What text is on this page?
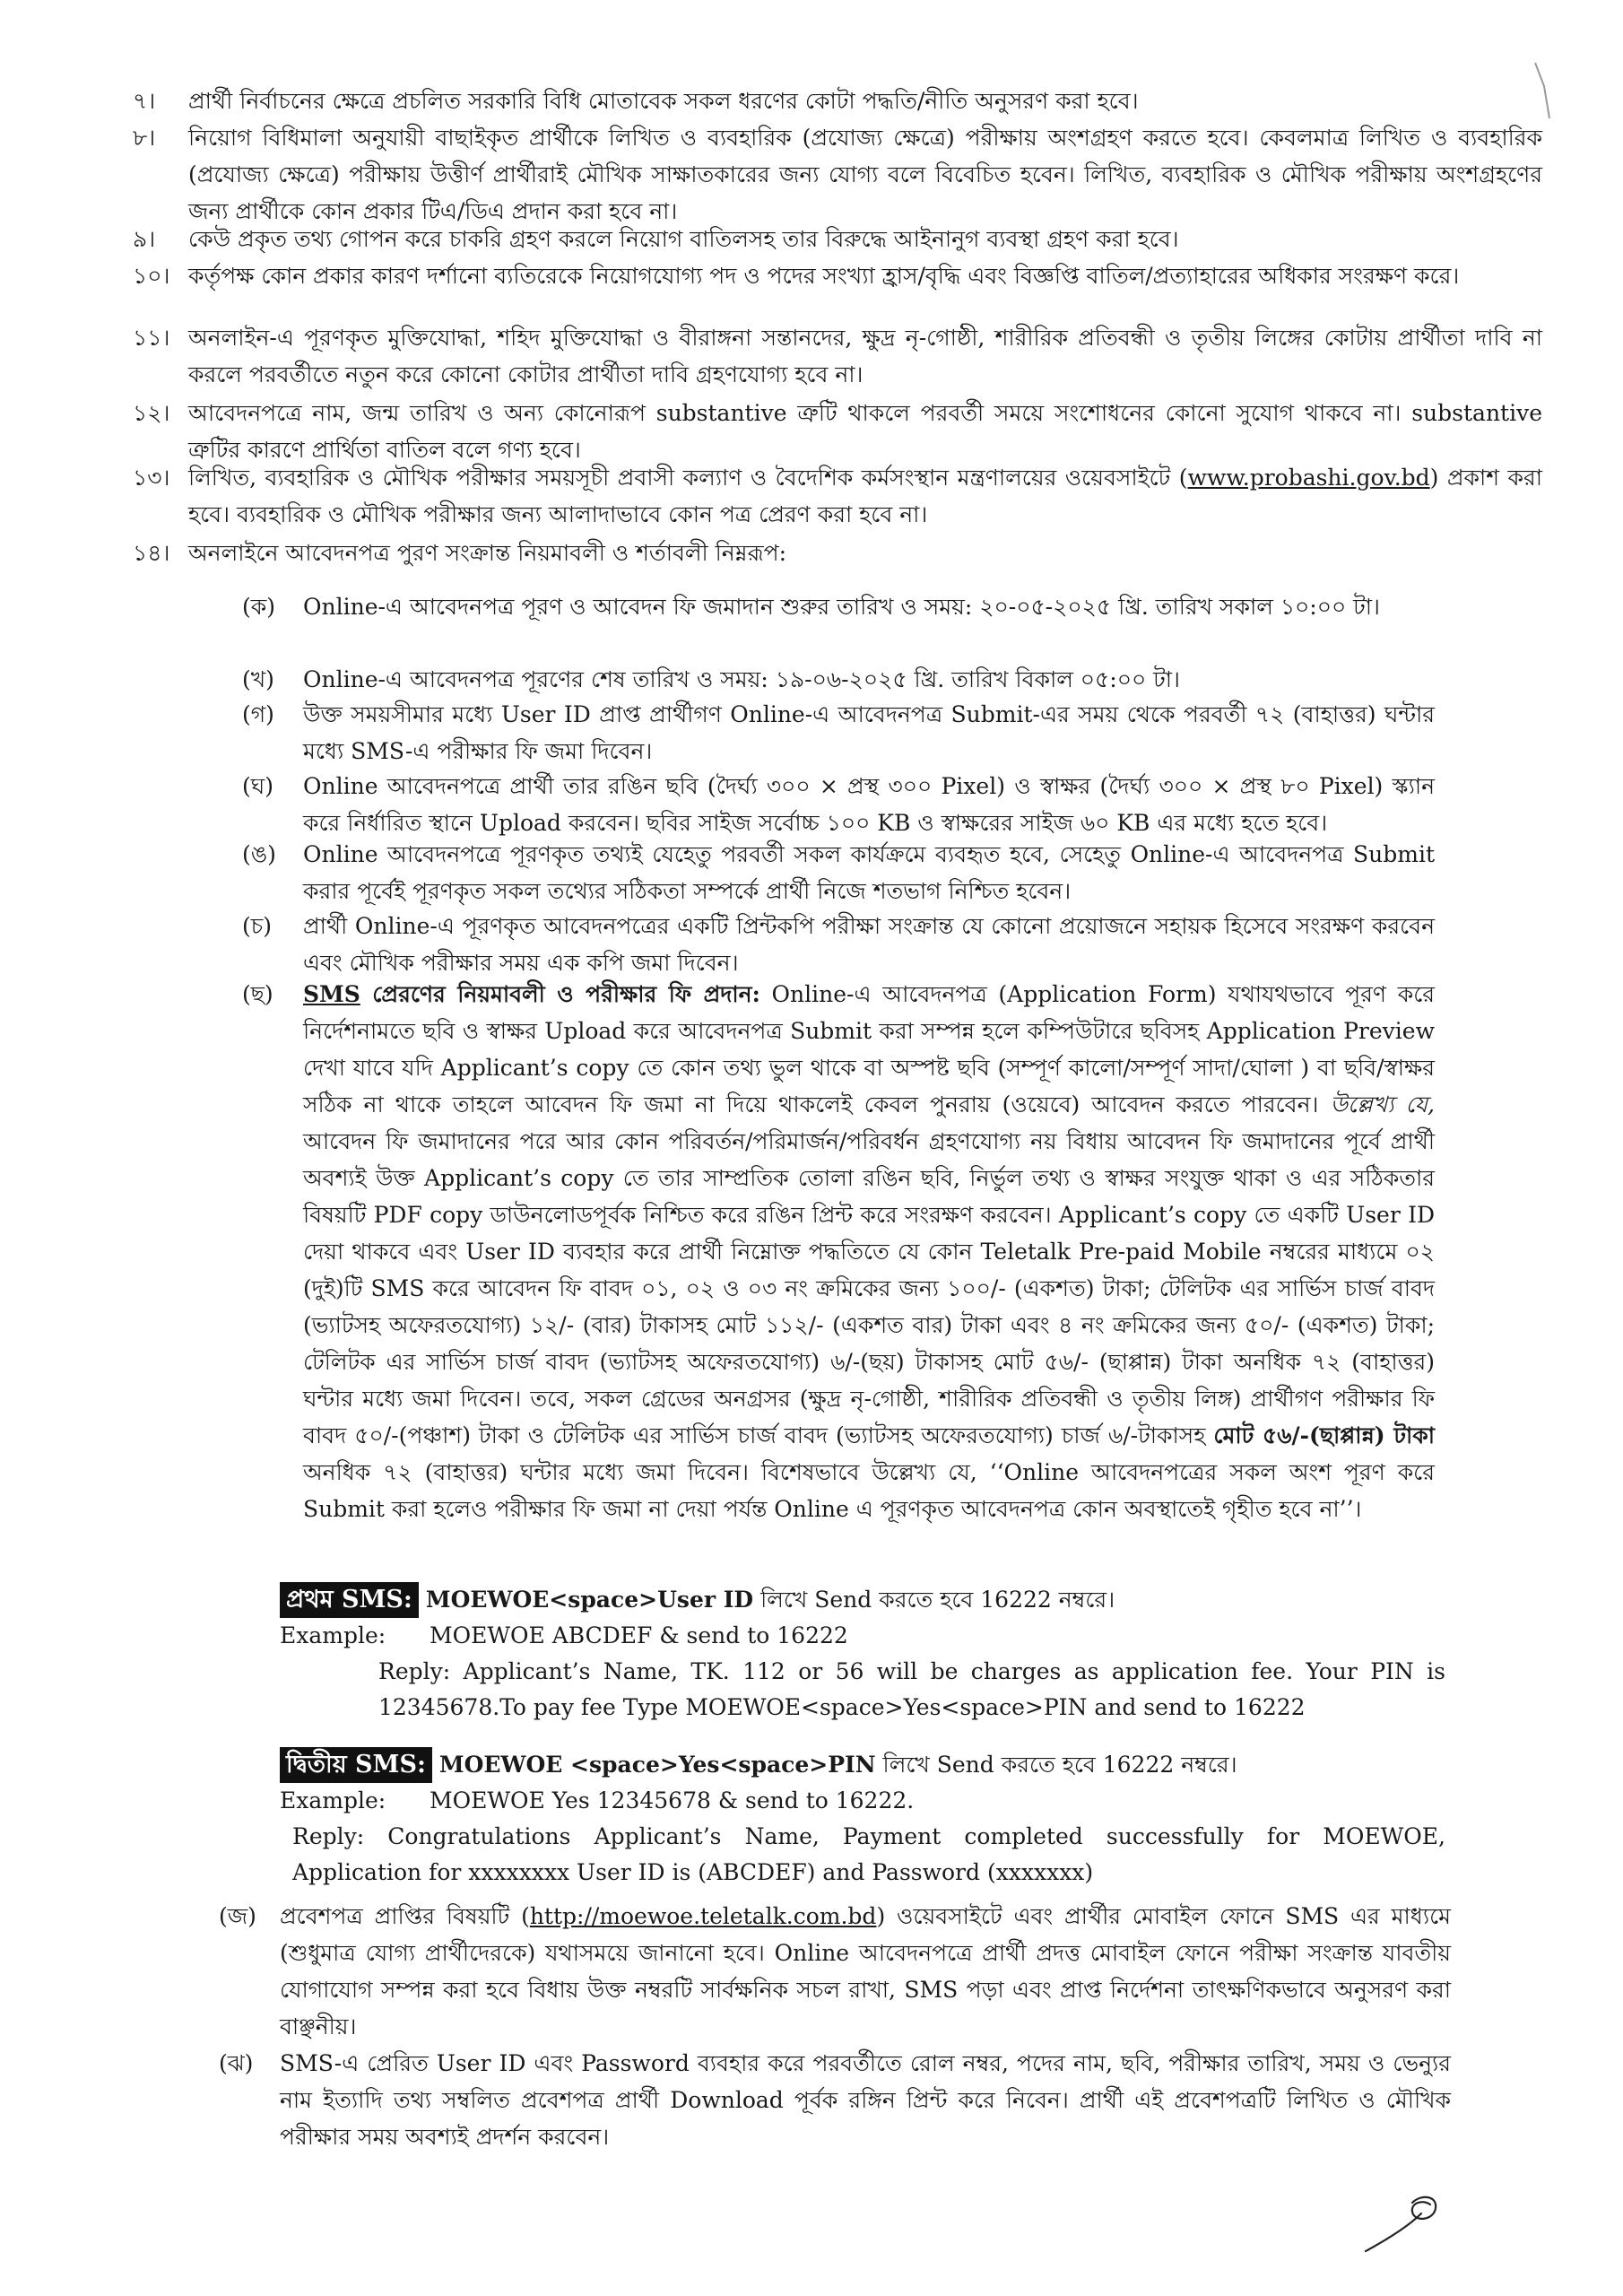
৭।	প্রার্থী নির্বাচনের ক্ষেত্রে প্রচলিত সরকারি বিধি মোতাবেক সকল ধরণের কোটা পদ্ধতি/নীতি অনুসরণ করা হবে।
৮।	নিয়োগ বিধিমালা অনুযায়ী বাছাইকৃত প্রার্থীকে লিখিত ও ব্যবহারিক (প্রযোজ্য ক্ষেত্রে) পরীক্ষায় অংশগ্রহণ করতে হবে। কেবলমাত্র লিখিত ও ব্যবহারিক (প্রযোজ্য ক্ষেত্রে) পরীক্ষায় উত্তীর্ণ প্রার্থীরাই মৌখিক সাক্ষাতকারের জন্য যোগ্য বলে বিবেচিত হবেন। লিখিত, ব্যবহারিক ও মৌখিক পরীক্ষায় অংশগ্রহণের জন্য প্রার্থীকে কোন প্রকার টিএ/ডিএ প্রদান করা হবে না।
৯।	কেউ প্রকৃত তথ্য গোপন করে চাকরি গ্রহণ করলে নিয়োগ বাতিলসহ তার বিরুদ্ধে আইনানুগ ব্যবস্থা গ্রহণ করা হবে।
১০। কর্তৃপক্ষ কোন প্রকার কারণ দর্শানো ব্যতিরেকে নিয়োগযোগ্য পদ ও পদের সংখ্যা হ্রাস/বৃদ্ধি এবং বিজ্ঞপ্তি বাতিল/প্রত্যাহারের অধিকার সংরক্ষণ করে।
১১। অনলাইন-এ পূরণকৃত মুক্তিযোদ্ধা, শহিদ মুক্তিযোদ্ধা ও বীরাঙ্গনা সন্তানদের, ক্ষুদ্র নৃ-গোষ্ঠী, শারীরিক প্রতিবন্ধী ও তৃতীয় লিঙ্গের কোটায় প্রার্থীতা দাবি না করলে পরবর্তীতে নতুন করে কোনো কোটার প্রার্থীতা দাবি গ্রহণযোগ্য হবে না।
১২। আবেদনপত্রে নাম, জন্ম তারিখ ও অন্য কোনোরূপ substantive ত্রুটি থাকলে পরবর্তী সময়ে সংশোধনের কোনো সুযোগ থাকবে না। substantive ত্রুটির কারণে প্রার্থিতা বাতিল বলে গণ্য হবে।
১৩। লিখিত, ব্যবহারিক ও মৌখিক পরীক্ষার সময়সূচী প্রবাসী কল্যাণ ও বৈদেশিক কর্মসংস্থান মন্ত্রণালয়ের ওয়েবসাইটে (www.probashi.gov.bd) প্রকাশ করা হবে। ব্যবহারিক ও মৌখিক পরীক্ষার জন্য আলাদাভাবে কোন পত্র প্রেরণ করা হবে না।
১৪। অনলাইনে আবেদনপত্র পুরণ সংক্রান্ত নিয়মাবলী ও শর্তাবলী নিম্নরূপ:
(ক)	Online-এ আবেদনপত্র পূরণ ও আবেদন ফি জমাদান শুরুর তারিখ ও সময়: ২০-০৫-২০২৫ খ্রি. তারিখ সকাল ১০:০০ টা।
(খ)	Online-এ আবেদনপত্র পূরণের শেষ তারিখ ও সময়: ১৯-০৬-২০২৫ খ্রি. তারিখ বিকাল ০৫:০০ টা।
(গ)	উক্ত সময়সীমার মধ্যে User ID প্রাপ্ত প্রার্থীগণ Online-এ আবেদনপত্র Submit-এর সময় থেকে পরবর্তী ৭২ (বাহাত্তর) ঘন্টার মধ্যে SMS-এ পরীক্ষার ফি জমা দিবেন।
(ঘ)	Online আবেদনপত্রে প্রার্থী তার রঙিন ছবি (দৈর্ঘ্য ৩০০ × প্রস্থ ৩০০ Pixel) ও স্বাক্ষর (দৈর্ঘ্য ৩০০ × প্রস্থ ৮০ Pixel) স্ক্যান করে নির্ধারিত স্থানে Upload করবেন। ছবির সাইজ সর্বোচ্চ ১০০ KB ও স্বাক্ষরের সাইজ ৬০ KB এর মধ্যে হতে হবে।
(ঙ)	Online আবেদনপত্রে পূরণকৃত তথ্যই যেহেতু পরবর্তী সকল কার্যক্রমে ব্যবহৃত হবে, সেহেতু Online-এ আবেদনপত্র Submit করার পূর্বেই পূরণকৃত সকল তথ্যের সঠিকতা সম্পর্কে প্রার্থী নিজে শতভাগ নিশ্চিত হবেন।
(চ)	প্রার্থী Online-এ পূরণকৃত আবেদনপত্রের একটি প্রিন্টকপি পরীক্ষা সংক্রান্ত যে কোনো প্রয়োজনে সহায়ক হিসেবে সংরক্ষণ করবেন এবং মৌখিক পরীক্ষার সময় এক কপি জমা দিবেন।
(ছ)	SMS প্রেরণের নিয়মাবলী ও পরীক্ষার ফি প্রদান: Online-এ আবেদনপত্র (Application Form) যথাযথভাবে পূরণ করে নির্দেশনামতে ছবি ও স্বাক্ষর Upload করে আবেদনপত্র Submit করা সম্পন্ন হলে কম্পিউটারে ছবিসহ Application Preview দেখা যাবে যদি Applicant’s copy তে কোন তথ্য ভুল থাকে বা অস্পষ্ট ছবি (সম্পূর্ণ কালো/সম্পূর্ণ সাদা/ঘোলা ) বা ছবি/স্বাক্ষর সঠিক না থাকে তাহলে আবেদন ফি জমা না দিয়ে থাকলেই কেবল পুনরায় (ওয়েবে) আবেদন করতে পারবেন। উল্লেখ্য যে, আবেদন ফি জমাদানের পরে আর কোন পরিবর্তন/পরিমার্জন/পরিবর্ধন গ্রহণযোগ্য নয় বিধায় আবেদন ফি জমাদানের পূর্বে প্রার্থী অবশ্যই উক্ত Applicant’s copy তে তার সাম্প্রতিক তোলা রঙিন ছবি, নির্ভুল তথ্য ও স্বাক্ষর সংযুক্ত থাকা ও এর সঠিকতার বিষয়টি PDF copy ডাউনলোডপূর্বক নিশ্চিত করে রঙিন প্রিন্ট করে সংরক্ষণ করবেন। Applicant’s copy তে একটি User ID দেয়া থাকবে এবং User ID ব্যবহার করে প্রার্থী নিম্নোক্ত পদ্ধতিতে যে কোন Teletalk Pre-paid Mobile নম্বরের মাধ্যমে ০২ (দুই)টি SMS করে আবেদন ফি বাবদ ০১, ০২ ও ০৩ নং ক্রমিকের জন্য ১০০/- (একশত) টাকা; টেলিটক এর সার্ভিস চার্জ বাবদ (ভ্যাটসহ অফেরতযোগ্য) ১২/- (বার) টাকাসহ মোট ১১২/- (একশত বার) টাকা এবং ৪ নং ক্রমিকের জন্য ৫০/- (একশত) টাকা; টেলিটক এর সার্ভিস চার্জ বাবদ (ভ্যাটসহ অফেরতযোগ্য) ৬/-(ছয়) টাকাসহ মোট ৫৬/- (ছাপ্পান্ন) টাকা অনধিক ৭২ (বাহাত্তর) ঘন্টার মধ্যে জমা দিবেন। তবে, সকল গ্রেডের অনগ্রসর (ক্ষুদ্র নৃ-গোষ্ঠী, শারীরিক প্রতিবন্ধী ও তৃতীয় লিঙ্গ) প্রার্থীগণ পরীক্ষার ফি বাবদ ৫০/-(পঞ্চাশ) টাকা ও টেলিটক এর সার্ভিস চার্জ বাবদ (ভ্যাটসহ অফেরতযোগ্য) চার্জ ৬/-টাকাসহ মোট ৫৬/-(ছাপ্পান্ন) টাকা অনধিক ৭২ (বাহাত্তর) ঘন্টার মধ্যে জমা দিবেন। বিশেষভাবে উল্লেখ্য যে, ‘‘Online আবেদনপত্রের সকল অংশ পূরণ করে Submit করা হলেও পরীক্ষার ফি জমা না দেয়া পর্যন্ত Online এ পূরণকৃত আবেদনপত্র কোন অবস্থাতেই গৃহীত হবে না’’।
প্রথম SMS: MOEWOE<space>User ID লিখে Send করতে হবে 16222 নম্বরে।
Example:	MOEWOE ABCDEF & send to 16222
Reply: Applicant’s Name, TK. 112 or 56 will be charges as application fee. Your PIN is 12345678.To pay fee Type MOEWOE<space>Yes<space>PIN and send to 16222
দ্বিতীয় SMS: MOEWOE <space>Yes<space>PIN লিখে Send করতে হবে 16222 নম্বরে।
Example:	MOEWOE Yes 12345678 & send to 16222.
Reply: Congratulations Applicant’s Name, Payment completed successfully for MOEWOE, Application for xxxxxxxx User ID is (ABCDEF) and Password (xxxxxxx)
(জ)	প্রবেশপত্র প্রাপ্তির বিষয়টি (http://moewoe.teletalk.com.bd) ওয়েবসাইটে এবং প্রার্থীর মোবাইল ফোনে SMS এর মাধ্যমে (শুধুমাত্র যোগ্য প্রার্থীদেরকে) যথাসময়ে জানানো হবে। Online আবেদনপত্রে প্রার্থী প্রদত্ত মোবাইল ফোনে পরীক্ষা সংক্রান্ত যাবতীয় যোগাযোগ সম্পন্ন করা হবে বিধায় উক্ত নম্বরটি সার্বক্ষনিক সচল রাখা, SMS পড়া এবং প্রাপ্ত নির্দেশনা তাৎক্ষণিকভাবে অনুসরণ করা বাঞ্ছনীয়।
(ঝ)	SMS-এ প্রেরিত User ID এবং Password ব্যবহার করে পরবর্তীতে রোল নম্বর, পদের নাম, ছবি, পরীক্ষার তারিখ, সময় ও ভেন্যুর নাম ইত্যাদি তথ্য সম্বলিত প্রবেশপত্র প্রার্থী Download পূর্বক রঙ্গিন প্রিন্ট করে নিবেন। প্রার্থী এই প্রবেশপত্রটি লিখিত ও মৌখিক পরীক্ষার সময় অবশ্যই প্রদর্শন করবেন।
